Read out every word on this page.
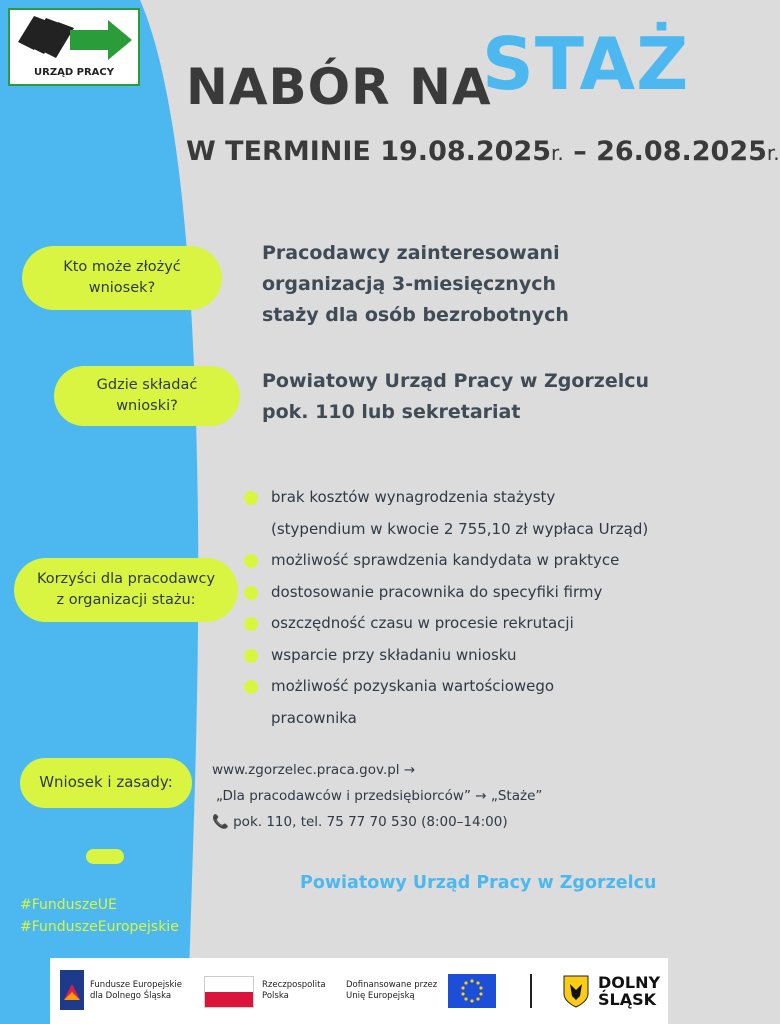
URZĄD PRACY	NABÓR NA
STAŻ
W TERMINIE 19.08.2025r. – 26.08.2025r.
Kto może złożyć
wniosek?
Pracodawcy zainteresowani
organizacją 3-miesięcznych
staży dla osób bezrobotnych
Gdzie składać
wnioski?
Powiatowy Urząd Pracy w Zgorzelcu
pok. 110 lub sekretariat
Korzyści dla pracodawcy
z organizacji stażu:
brak kosztów wynagrodzenia stażysty
(stypendium w kwocie 2 755,10 zł wypłaca Urząd)
możliwość sprawdzenia kandydata w praktyce
dostosowanie pracownika do specyfiki firmy
oszczędność czasu w procesie rekrutacji
wsparcie przy składaniu wniosku
możliwość pozyskania wartościowego
pracownika
Wniosek i zasady:
www.zgorzelec.praca.gov.pl →
„Dla pracodawców i przedsiębiorców” → „Staże”
📞 pok. 110, tel. 75 77 70 530 (8:00–14:00)
Powiatowy Urząd Pracy w Zgorzelcu
#FunduszeUE
#FunduszeEuropejskie
Fundusze Europejskie
dla Dolnego Śląska
Rzeczpospolita
Polska
Dofinansowane przez
Unię Europejską
DOLNY
ŚLĄSK
